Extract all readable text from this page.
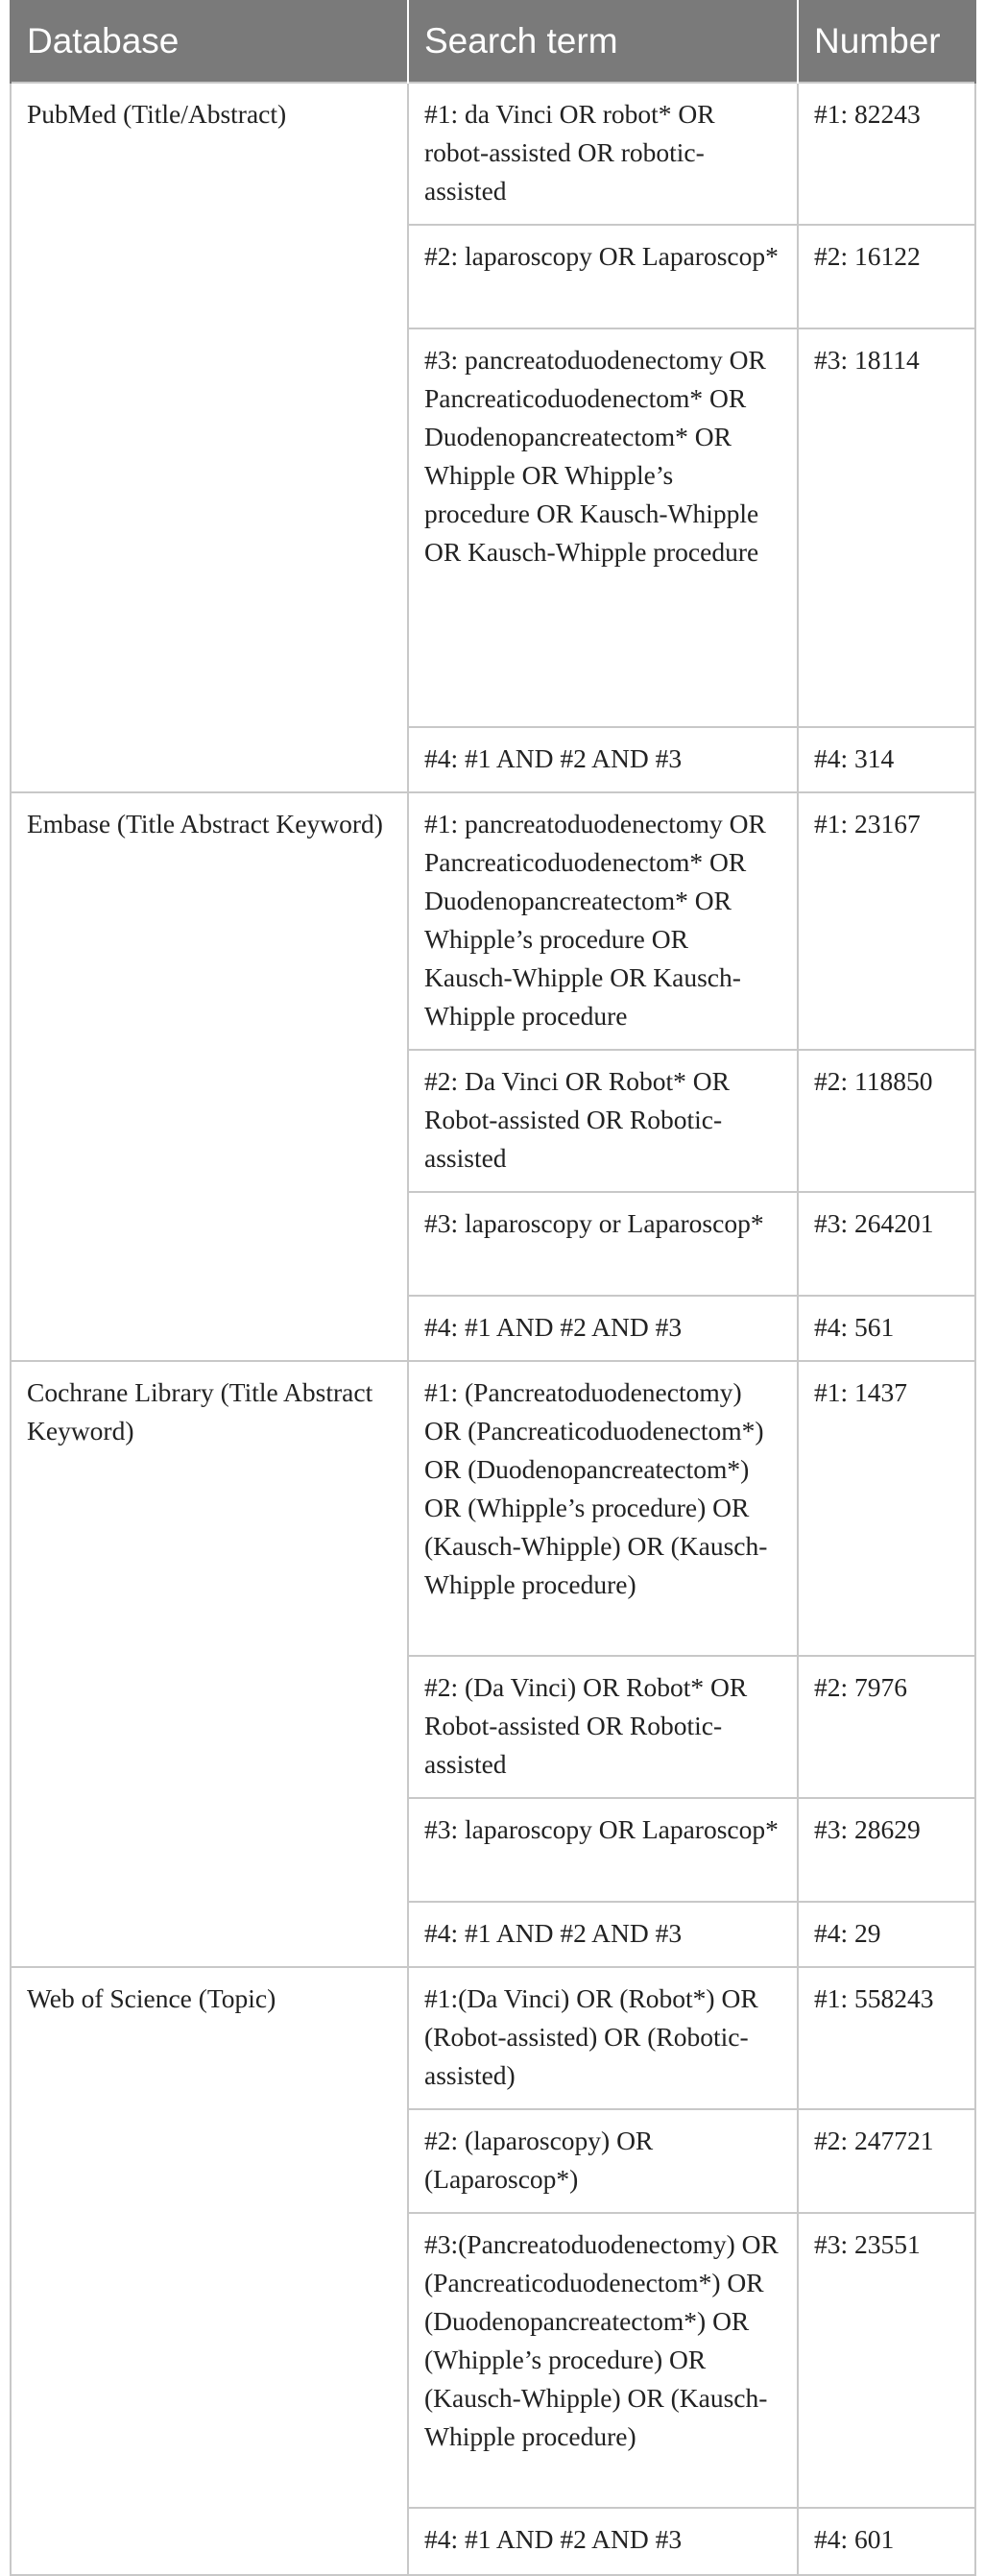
Database	Search term	Number
PubMed (Title/Abstract)	#1: da Vinci OR robot* OR robot-assisted OR robotic-assisted	#1: 82243
	#2: laparoscopy OR Laparoscop*	#2: 16122
	#3: pancreatoduodenectomy OR Pancreaticoduodenectom* OR Duodenopancreatectom* OR Whipple OR Whipple’s procedure OR Kausch-Whipple OR Kausch-Whipple procedure	#3: 18114
	#4: #1 AND #2 AND #3	#4: 314
Embase (Title Abstract Keyword)	#1: pancreatoduodenectomy OR Pancreaticoduodenectom* OR Duodenopancreatectom* OR Whipple’s procedure OR Kausch-Whipple OR Kausch-Whipple procedure	#1: 23167
	#2: Da Vinci OR Robot* OR Robot-assisted OR Robotic-assisted	#2: 118850
	#3: laparoscopy or Laparoscop*	#3: 264201
	#4: #1 AND #2 AND #3	#4: 561
Cochrane Library (Title Abstract Keyword)	#1: (Pancreatoduodenectomy) OR (Pancreaticoduodenectom*) OR (Duodenopancreatectom*) OR (Whipple’s procedure) OR (Kausch-Whipple) OR (Kausch-Whipple procedure)	#1: 1437
	#2: (Da Vinci) OR Robot* OR Robot-assisted OR Robotic-assisted	#2: 7976
	#3: laparoscopy OR Laparoscop*	#3: 28629
	#4: #1 AND #2 AND #3	#4: 29
Web of Science (Topic)	#1:(Da Vinci) OR (Robot*) OR (Robot-assisted) OR (Robotic-assisted)	#1: 558243
	#2: (laparoscopy) OR (Laparoscop*)	#2: 247721
	#3:(Pancreatoduodenectomy) OR (Pancreaticoduodenectom*) OR (Duodenopancreatectom*) OR (Whipple’s procedure) OR (Kausch-Whipple) OR (Kausch-Whipple procedure)	#3: 23551
	#4: #1 AND #2 AND #3	#4: 601
